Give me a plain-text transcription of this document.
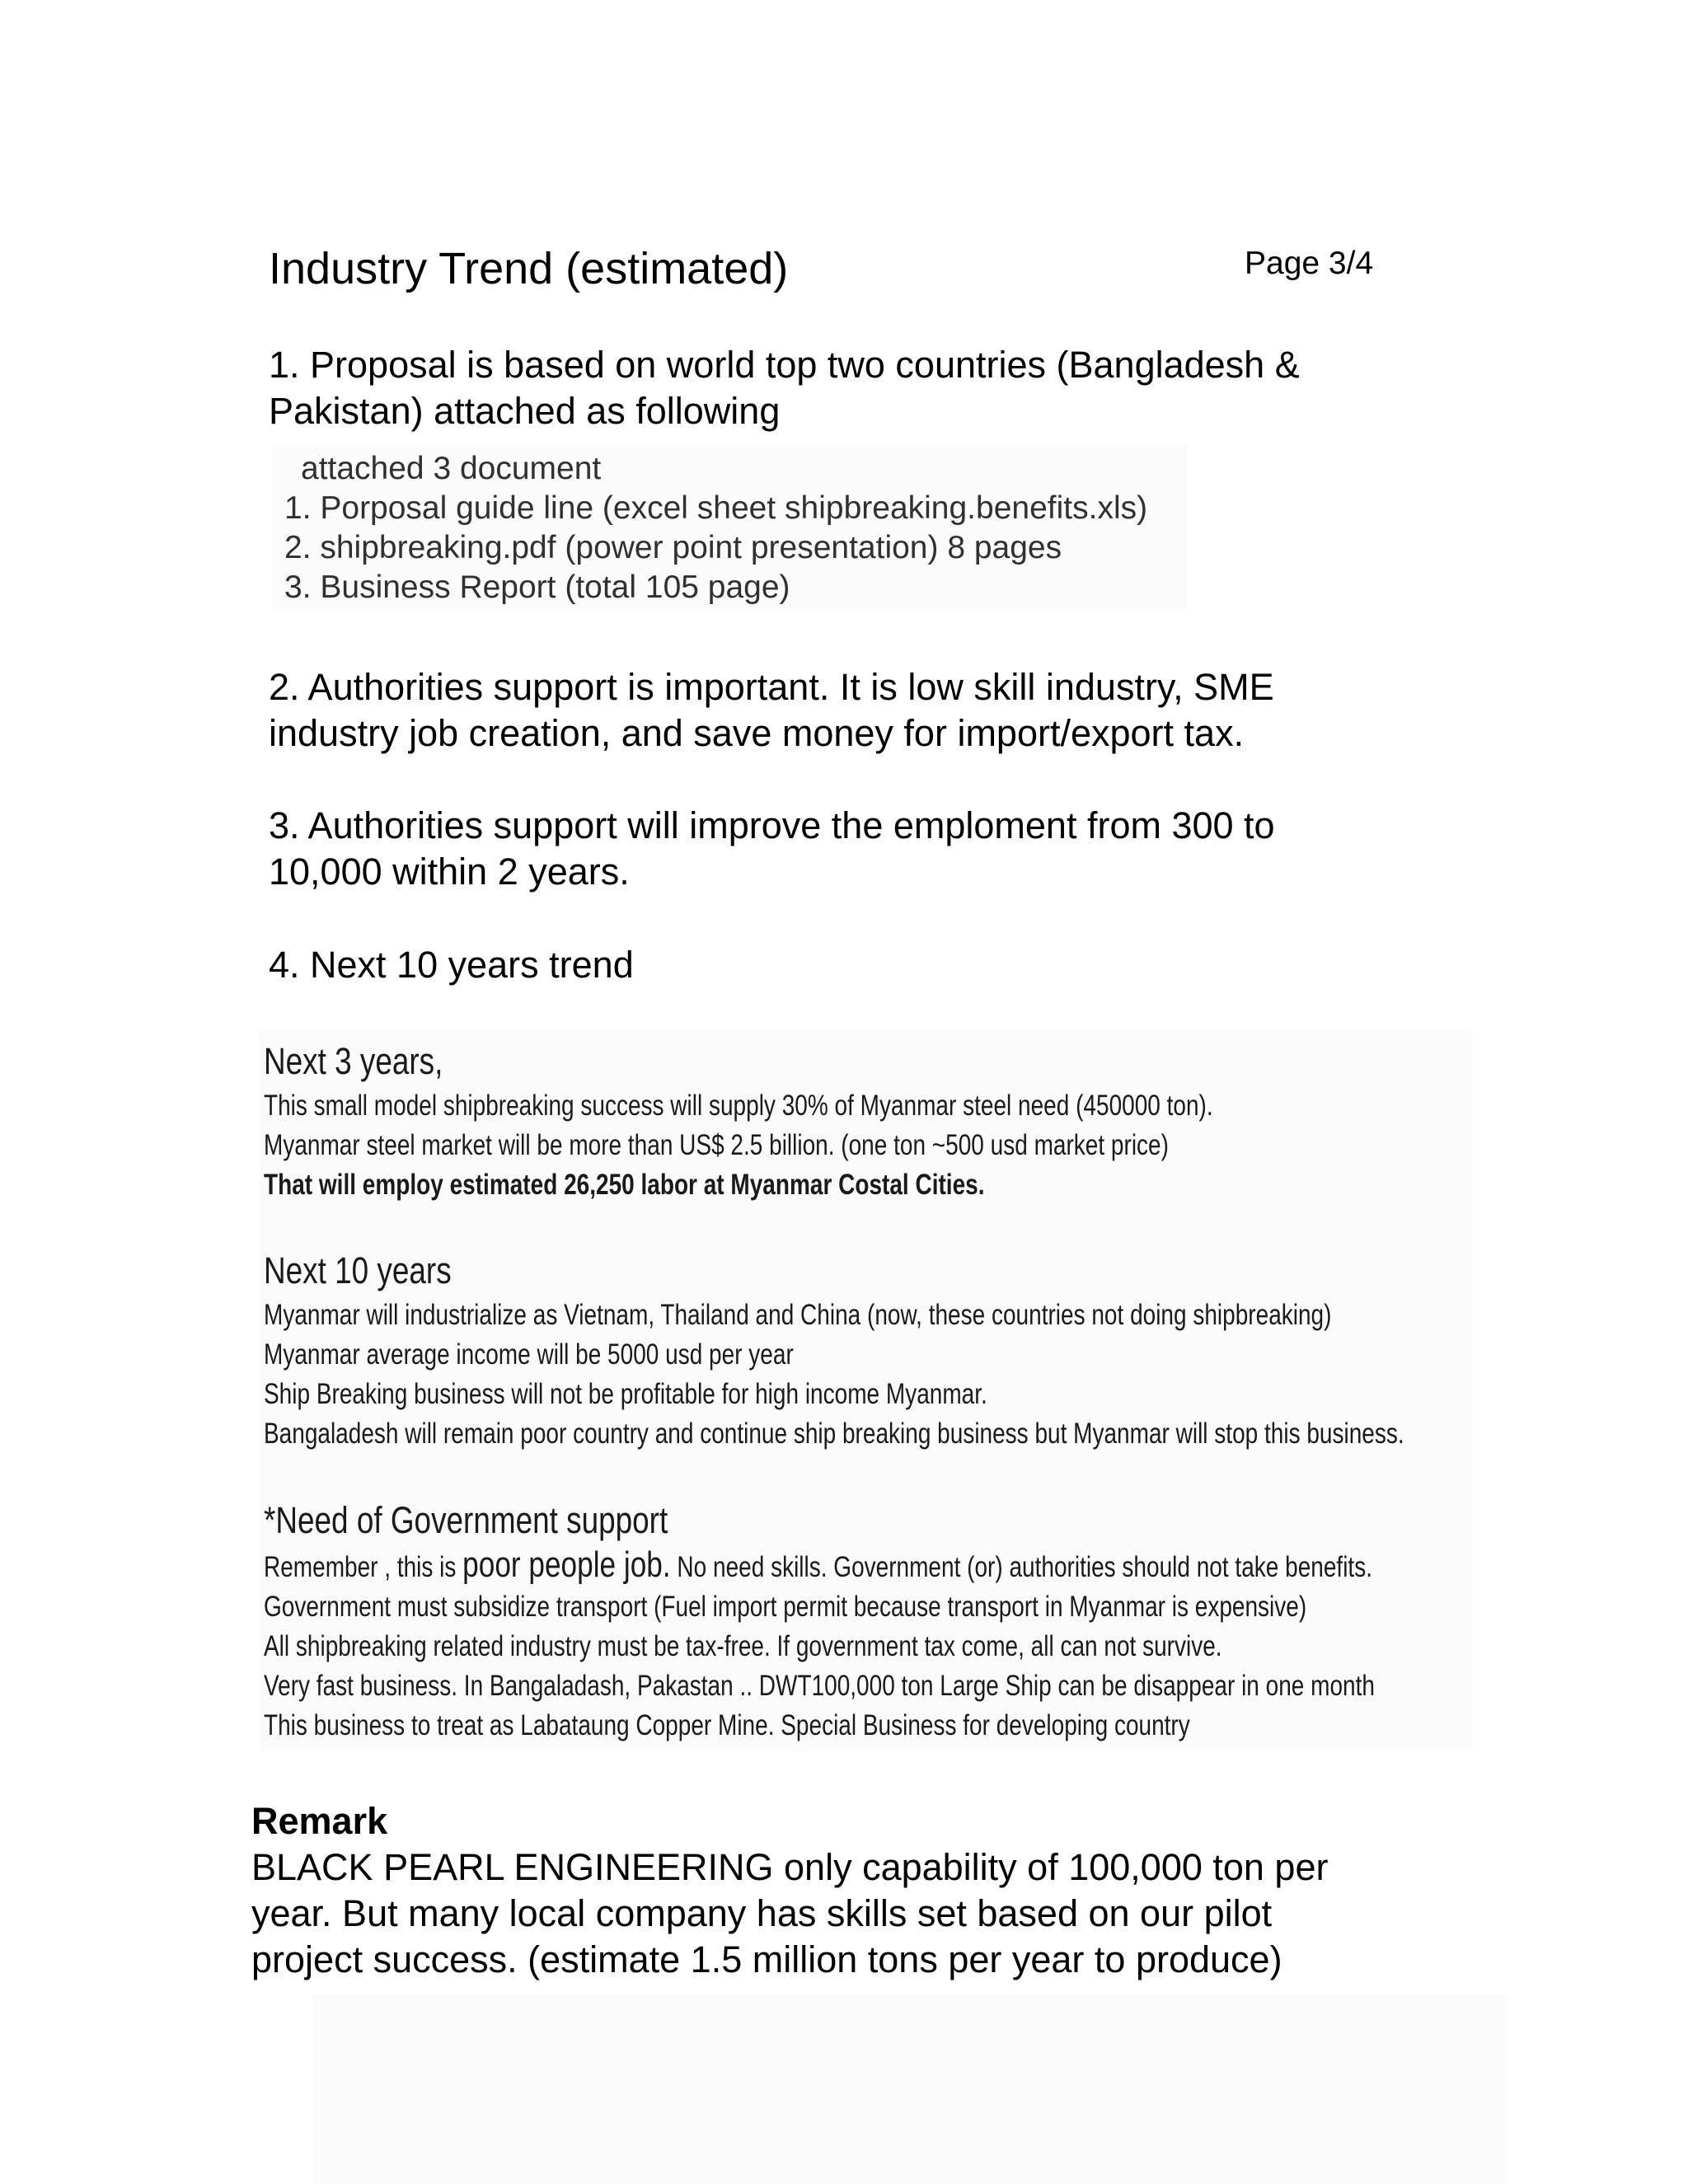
Industry Trend (estimated)	Page 3/4
1. Proposal is based on world top two countries (Bangladesh &
Pakistan) attached as following
attached 3 document
1. Porposal guide line (excel sheet shipbreaking.benefits.xls)
2. shipbreaking.pdf (power point presentation) 8 pages
3. Business Report (total 105 page)
2. Authorities support is important. It is low skill industry, SME
industry job creation, and save money for import/export tax.
3. Authorities support will improve the emploment from 300 to
10,000 within 2 years.
4. Next 10 years trend
Next 3 years,
This small model shipbreaking success will supply 30% of Myanmar steel need (450000 ton).
Myanmar steel market will be more than US$ 2.5 billion. (one ton ~500 usd market price)
That will employ estimated 26,250 labor at Myanmar Costal Cities.
Next 10 years
Myanmar will industrialize as Vietnam, Thailand and China (now, these countries not doing shipbreaking)
Myanmar average income will be 5000 usd per year
Ship Breaking business will not be profitable for high income Myanmar.
Bangaladesh will remain poor country and continue ship breaking business but Myanmar will stop this business.
*Need of Government support
Remember , this is poor people job. No need skills. Government (or) authorities should not take benefits.
Government must subsidize transport (Fuel import permit because transport in Myanmar is expensive)
All shipbreaking related industry must be tax-free. If government tax come, all can not survive.
Very fast business. In Bangaladash, Pakastan .. DWT100,000 ton Large Ship can be disappear in one month
This business to treat as Labataung Copper Mine. Special Business for developing country
Remark
BLACK PEARL ENGINEERING only capability of 100,000 ton per
year. But many local company has skills set based on our pilot
project success. (estimate 1.5 million tons per year to produce)
